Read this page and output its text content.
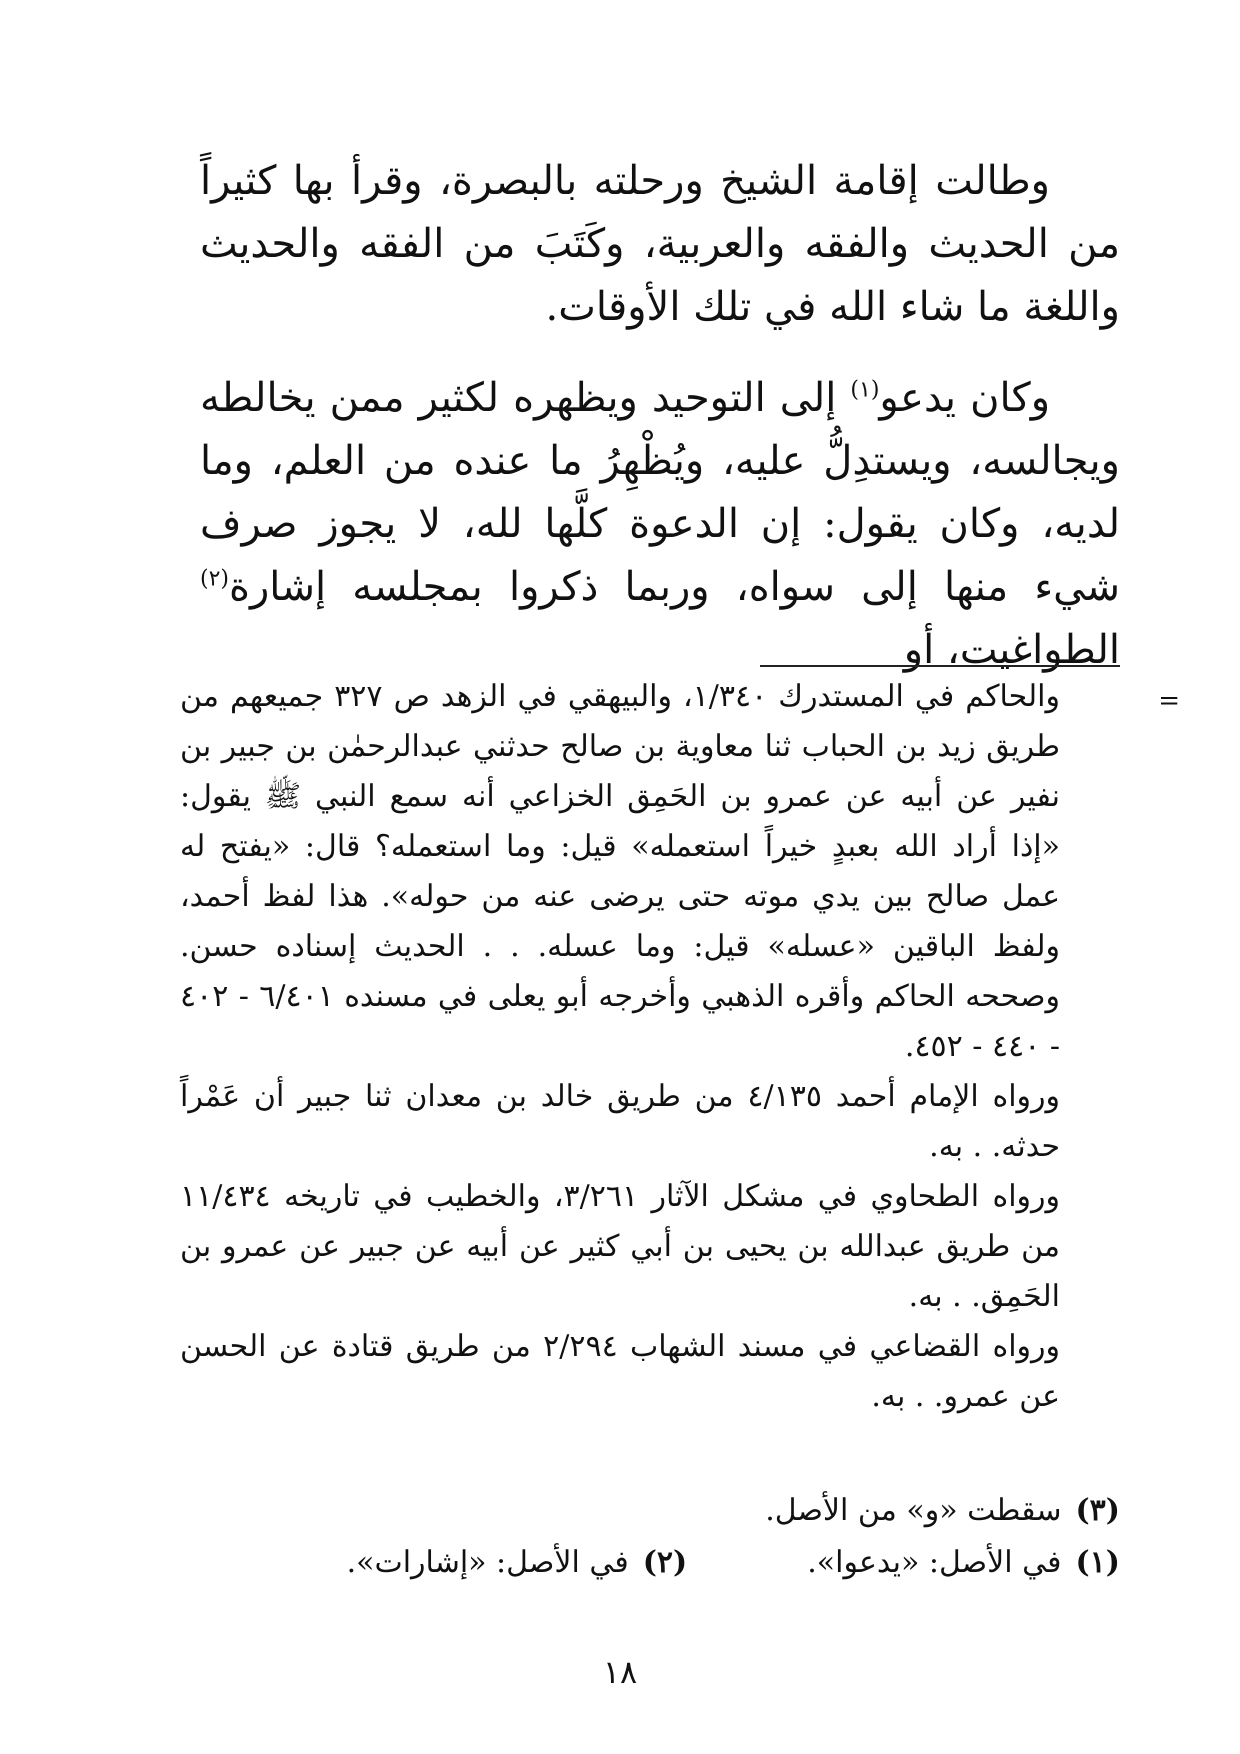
وطالت إقامة الشيخ ورحلته بالبصرة، وقرأ بها كثيراً من الحديث والفقه والعربية، وكَتَبَ من الفقه والحديث واللغة ما شاء الله في تلك الأوقات.

وكان يدعو$^{(١)}$ إلى التوحيد ويظهره لكثير ممن يخالطه ويجالسه، ويستدِلُّ عليه، ويُظْهِرُ ما عنده من العلم، وما لديه، وكان يقول: إن الدعوة كلَّها لله، لا يجوز صرف شيء منها إلى سواه، وربما ذكروا بمجلسه إشارة$^{(٢)}$ الطواغيت، أو

=

والحاكم في المستدرك ١/٣٤٠، والبيهقي في الزهد ص ٣٢٧ جميعهم من طريق زيد بن الحباب ثنا معاوية بن صالح حدثني عبدالرحمٰن بن جبير بن نفير عن أبيه عن عمرو بن الحَمِق الخزاعي أنه سمع النبي ﷺ يقول: «إذا أراد الله بعبدٍ خيراً استعمله» قيل: وما استعمله؟ قال: «يفتح له عمل صالح بين يدي موته حتى يرضى عنه من حوله». هذا لفظ أحمد، ولفظ الباقين «عسله» قيل: وما عسله. . . الحديث إسناده حسن. وصححه الحاكم وأقره الذهبي وأخرجه أبو يعلى في مسنده ٦/٤٠١ - ٤٠٢ - ٤٤٠ - ٤٥٢.

ورواه الإمام أحمد ٤/١٣٥ من طريق خالد بن معدان ثنا جبير أن عَمْراً حدثه. . به.

ورواه الطحاوي في مشكل الآثار ٣/٢٦١، والخطيب في تاريخه ١١/٤٣٤ من طريق عبدالله بن يحيى بن أبي كثير عن أبيه عن جبير عن عمرو بن الحَمِق. . به.

ورواه القضاعي في مسند الشهاب ٢/٢٩٤ من طريق قتادة عن الحسن عن عمرو. . به.

(٣)
سقطت «و» من الأصل.
(١)
في الأصل: «يدعوا».
(٢)
في الأصل: «إشارات».
١٨
